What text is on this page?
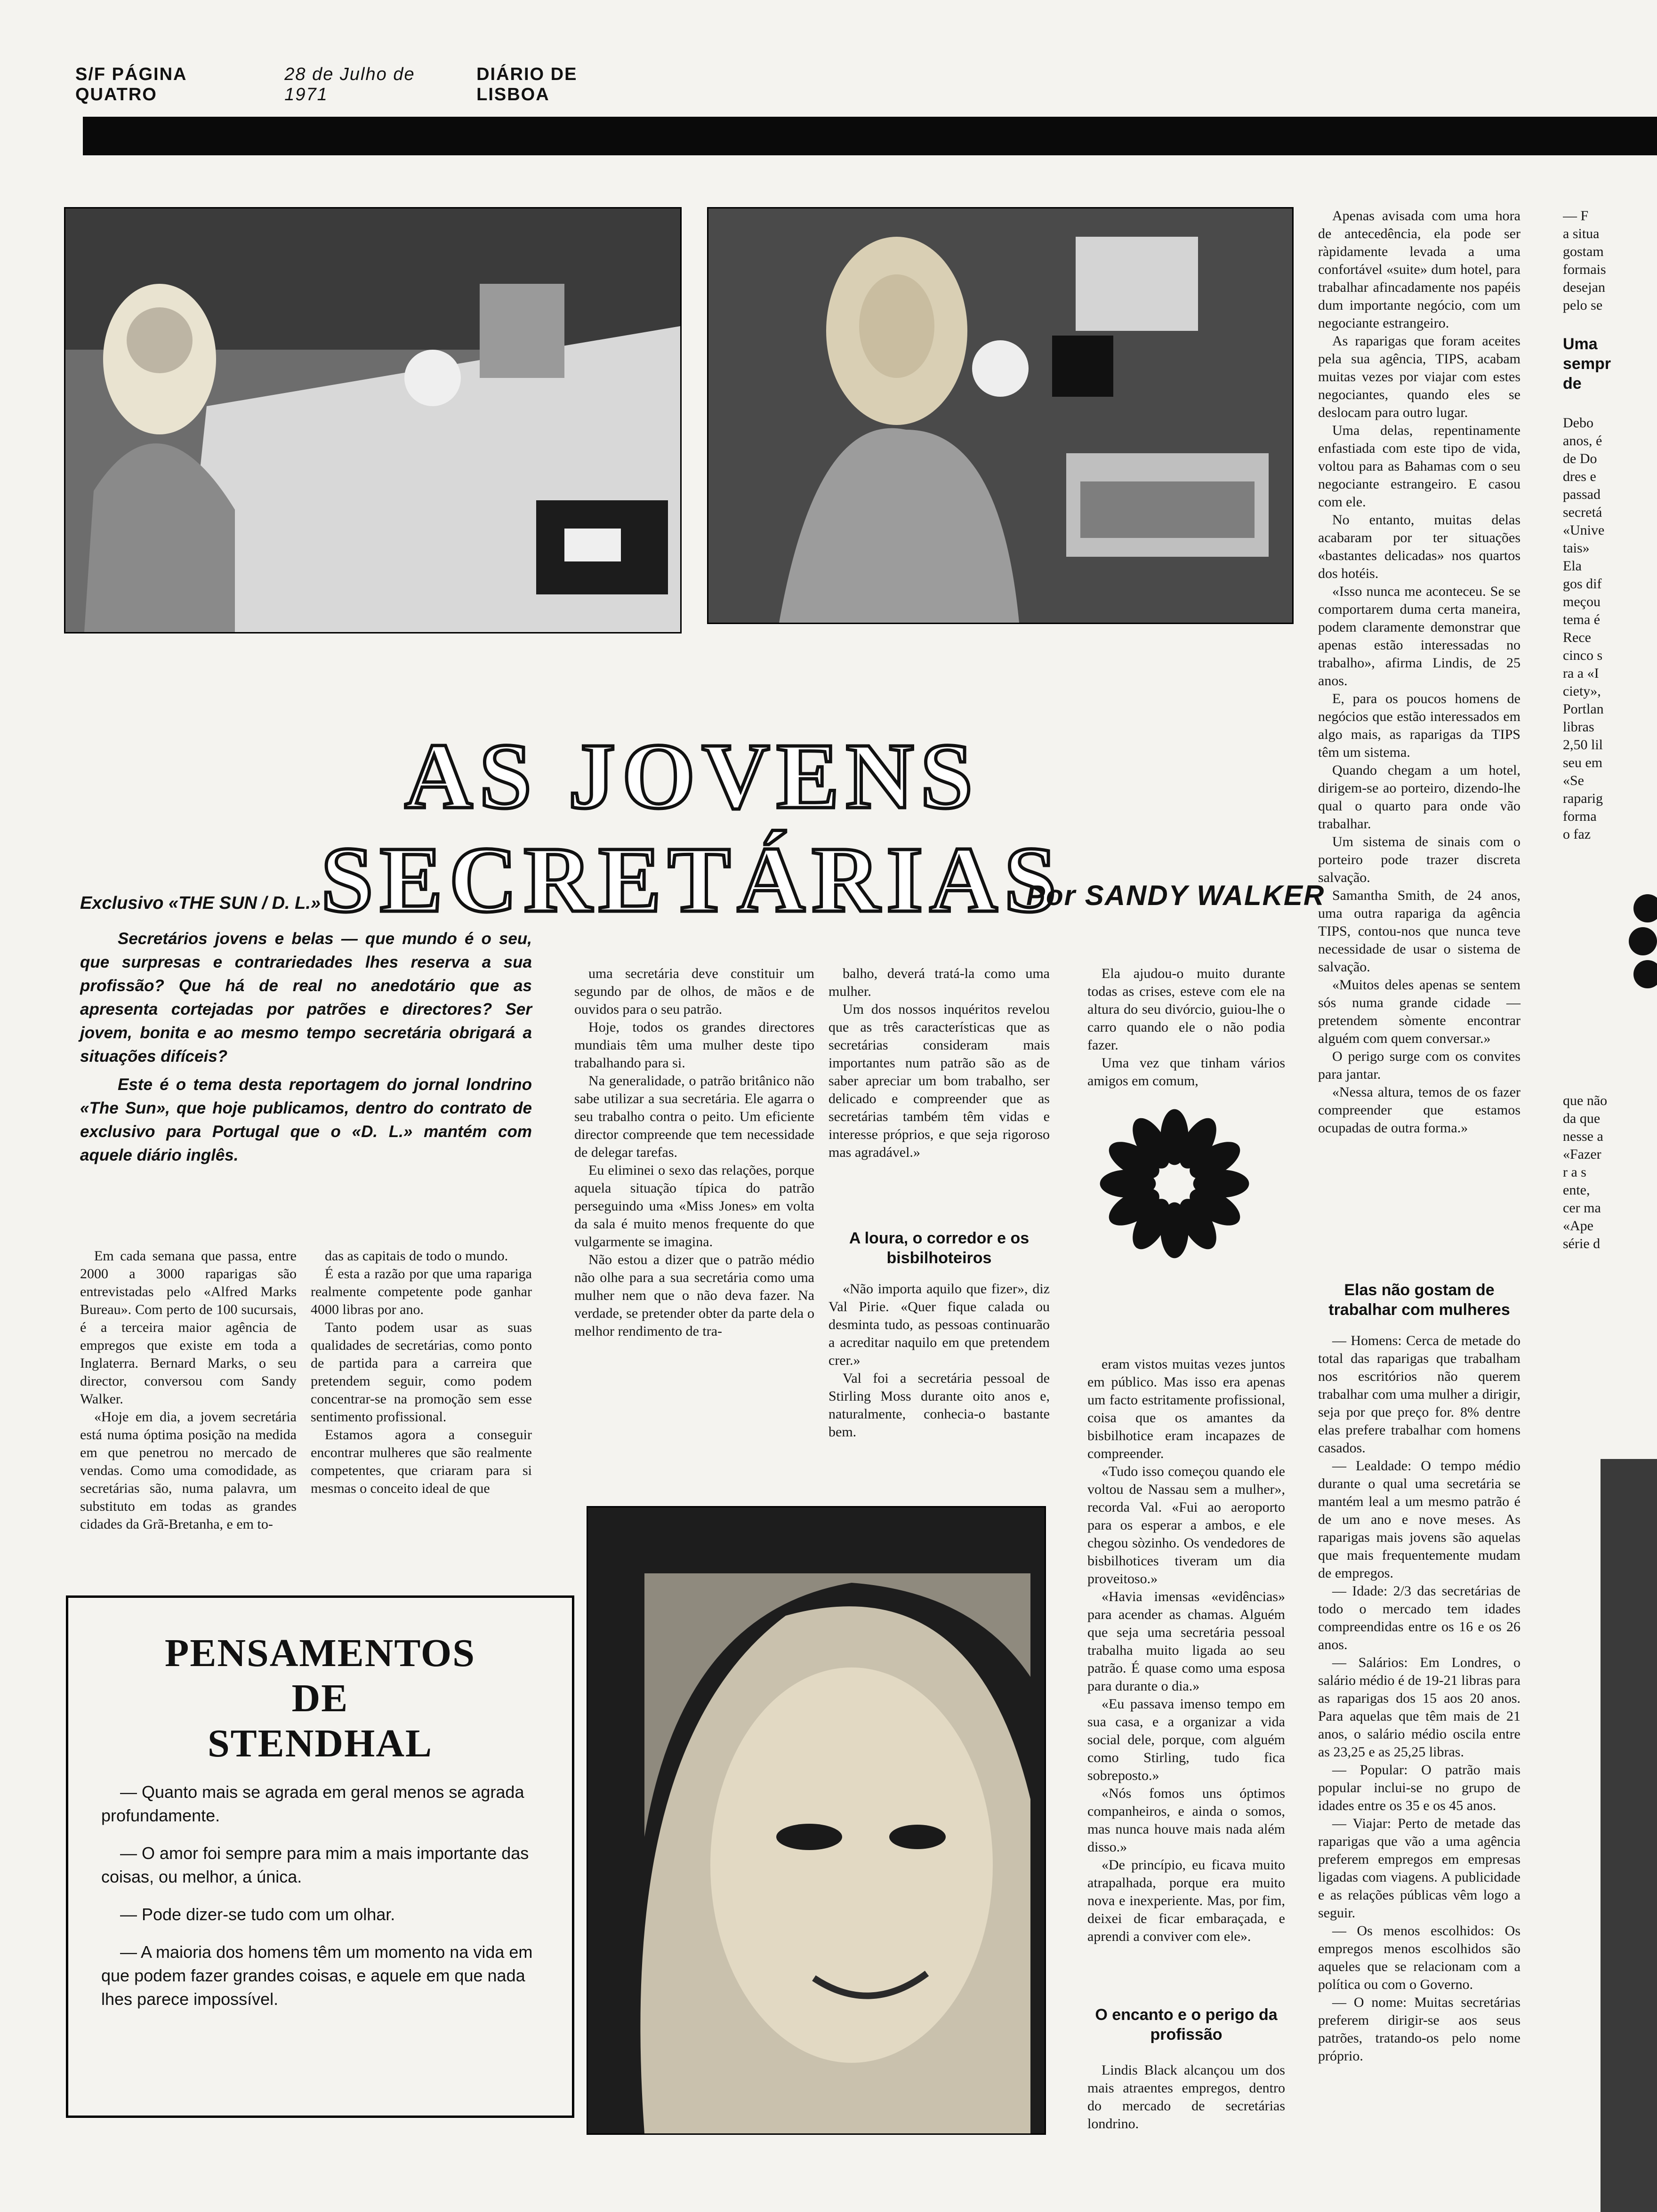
S/F PÁGINA QUATRO
28 de Julho de 1971
DIÁRIO DE LISBOA
AS JOVENS SECRETÁRIAS
Exclusivo «THE SUN / D. L.»	Por SANDY WALKER

Secretários jovens e belas — que mundo é o seu, que surpresas e contrariedades lhes reserva a sua profissão? Que há de real no anedotário que as apresenta cortejadas por patrões e directores? Ser jovem, bonita e ao mesmo tempo secretária obrigará a situações difíceis?

Este é o tema desta reportagem do jornal londrino «The Sun», que hoje publicamos, dentro do contrato de exclusivo para Portugal que o «D. L.» mantém com aquele diário inglês.

Em cada semana que passa, entre 2000 a 3000 raparigas são entrevistadas pelo «Alfred Marks Bureau». Com perto de 100 sucursais, é a terceira maior agência de empregos que existe em toda a Inglaterra. Bernard Marks, o seu director, conversou com Sandy Walker.

«Hoje em dia, a jovem secretária está numa óptima posição na medida em que penetrou no mercado de vendas. Como uma comodidade, as secretárias são, numa palavra, um substituto em todas as grandes cidades da Grã-Bretanha, e em to-

das as capitais de todo o mundo.

É esta a razão por que uma rapariga realmente competente pode ganhar 4000 libras por ano.

Tanto podem usar as suas qualidades de secretárias, como ponto de partida para a carreira que pretendem seguir, como podem concentrar-se na promoção sem esse sentimento profissional.

Estamos agora a conseguir encontrar mulheres que são realmente competentes, que criaram para si mesmas o conceito ideal de que

uma secretária deve constituir um segundo par de olhos, de mãos e de ouvidos para o seu patrão.

Hoje, todos os grandes directores mundiais têm uma mulher deste tipo trabalhando para si.

Na generalidade, o patrão britânico não sabe utilizar a sua secretária. Ele agarra o seu trabalho contra o peito. Um eficiente director compreende que tem necessidade de delegar tarefas.

Eu eliminei o sexo das relações, porque aquela situação típica do patrão perseguindo uma «Miss Jones» em volta da sala é muito menos frequente do que vulgarmente se imagina.

Não estou a dizer que o patrão médio não olhe para a sua secretária como uma mulher nem que o não deva fazer. Na verdade, se pretender obter da parte dela o melhor rendimento de tra-

balho, deverá tratá-la como uma mulher.

Um dos nossos inquéritos revelou que as três características que as secretárias consideram mais importantes num patrão são as de saber apreciar um bom trabalho, ser delicado e compreender que as secretárias também têm vidas e interesse próprios, e que seja rigoroso mas agradável.»

A loura, o corredor e os bisbilhoteiros

«Não importa aquilo que fizer», diz Val Pirie. «Quer fique calada ou desminta tudo, as pessoas continuarão a acreditar naquilo em que pretendem crer.»

Val foi a secretária pessoal de Stirling Moss durante oito anos e, naturalmente, conhecia-o bastante bem.

Ela ajudou-o muito durante todas as crises, esteve com ele na altura do seu divórcio, guiou-lhe o carro quando ele o não podia fazer.

Uma vez que tinham vários amigos em comum,

eram vistos muitas vezes juntos em público. Mas isso era apenas um facto estritamente profissional, coisa que os amantes da bisbilhotice eram incapazes de compreender.

«Tudo isso começou quando ele voltou de Nassau sem a mulher», recorda Val. «Fui ao aeroporto para os esperar a ambos, e ele chegou sòzinho. Os vendedores de bisbilhotices tiveram um dia proveitoso.»

«Havia imensas «evidências» para acender as chamas. Alguém que seja uma secretária pessoal trabalha muito ligada ao seu patrão. É quase como uma esposa para durante o dia.»

«Eu passava imenso tempo em sua casa, e a organizar a vida social dele, porque, com alguém como Stirling, tudo fica sobreposto.»

«Nós fomos uns óptimos companheiros, e ainda o somos, mas nunca houve mais nada além disso.»

«De princípio, eu ficava muito atrapalhada, porque era muito nova e inexperiente. Mas, por fim, deixei de ficar embaraçada, e aprendi a conviver com ele».

O encanto e o perigo da profissão

Lindis Black alcançou um dos mais atraentes empregos, dentro do mercado de secretárias londrino.

Apenas avisada com uma hora de antecedência, ela pode ser ràpidamente levada a uma confortável «suite» dum hotel, para trabalhar afincadamente nos papéis dum importante negócio, com um negociante estrangeiro.

As raparigas que foram aceites pela sua agência, TIPS, acabam muitas vezes por viajar com estes negociantes, quando eles se deslocam para outro lugar.

Uma delas, repentinamente enfastiada com este tipo de vida, voltou para as Bahamas com o seu negociante estrangeiro. E casou com ele.

No entanto, muitas delas acabaram por ter situações «bastantes delicadas» nos quartos dos hotéis.

«Isso nunca me aconteceu. Se se comportarem duma certa maneira, podem claramente demonstrar que apenas estão interessadas no trabalho», afirma Lindis, de 25 anos.

E, para os poucos homens de negócios que estão interessados em algo mais, as raparigas da TIPS têm um sistema.

Quando chegam a um hotel, dirigem-se ao porteiro, dizendo-lhe qual o quarto para onde vão trabalhar.

Um sistema de sinais com o porteiro pode trazer discreta salvação.

Samantha Smith, de 24 anos, uma outra rapariga da agência TIPS, contou-nos que nunca teve necessidade de usar o sistema de salvação.

«Muitos deles apenas se sentem sós numa grande cidade — pretendem sòmente encontrar alguém com quem conversar.»

O perigo surge com os convites para jantar.

«Nessa altura, temos de os fazer compreender que estamos ocupadas de outra forma.»

Elas não gostam de trabalhar com mulheres

— Homens: Cerca de metade do total das raparigas que trabalham nos escritórios não querem trabalhar com uma mulher a dirigir, seja por que preço for. 8% dentre elas prefere trabalhar com homens casados.

— Lealdade: O tempo médio durante o qual uma secretária se mantém leal a um mesmo patrão é de um ano e nove meses. As raparigas mais jovens são aquelas que mais frequentemente mudam de empregos.

— Idade: 2/3 das secretárias de todo o mercado tem idades compreendidas entre os 16 e os 26 anos.

— Salários: Em Londres, o salário médio é de 19-21 libras para as raparigas dos 15 aos 20 anos. Para aquelas que têm mais de 21 anos, o salário médio oscila entre as 23,25 e as 25,25 libras.

— Popular: O patrão mais popular inclui-se no grupo de idades entre os 35 e os 45 anos.

— Viajar: Perto de metade das raparigas que vão a uma agência preferem empregos em empresas ligadas com viagens. A publicidade e as relações públicas vêm logo a seguir.

— Os menos escolhidos: Os empregos menos escolhidos são aqueles que se relacionam com a política ou com o Governo.

— O nome: Muitas secretárias preferem dirigir-se aos seus patrões, tratando-os pelo nome próprio.

PENSAMENTOS
DE
STENDHAL
— Quanto mais se agrada em geral menos se agrada profundamente.
— O amor foi sempre para mim a mais importante das coisas, ou melhor, a única.
— Pode dizer-se tudo com um olhar.
— A maioria dos homens têm um momento na vida em que podem fazer grandes coisas, e aquele em que nada lhes parece impossível.
— F
a situa
gostam
formais
desejan
pelo se
Uma
sempr
de
Debo
anos, é
de Do
dres e
passad
secretá
«Unive
tais»
Ela
gos dif
meçou
tema é
Rece
cinco s
ra a «I
ciety»,
Portlan
libras
2,50 lil
seu em
«Se
raparig
forma
o faz
que não
da que
nesse a
«Fazer
r a s
ente,
cer ma
«Ape
série d
